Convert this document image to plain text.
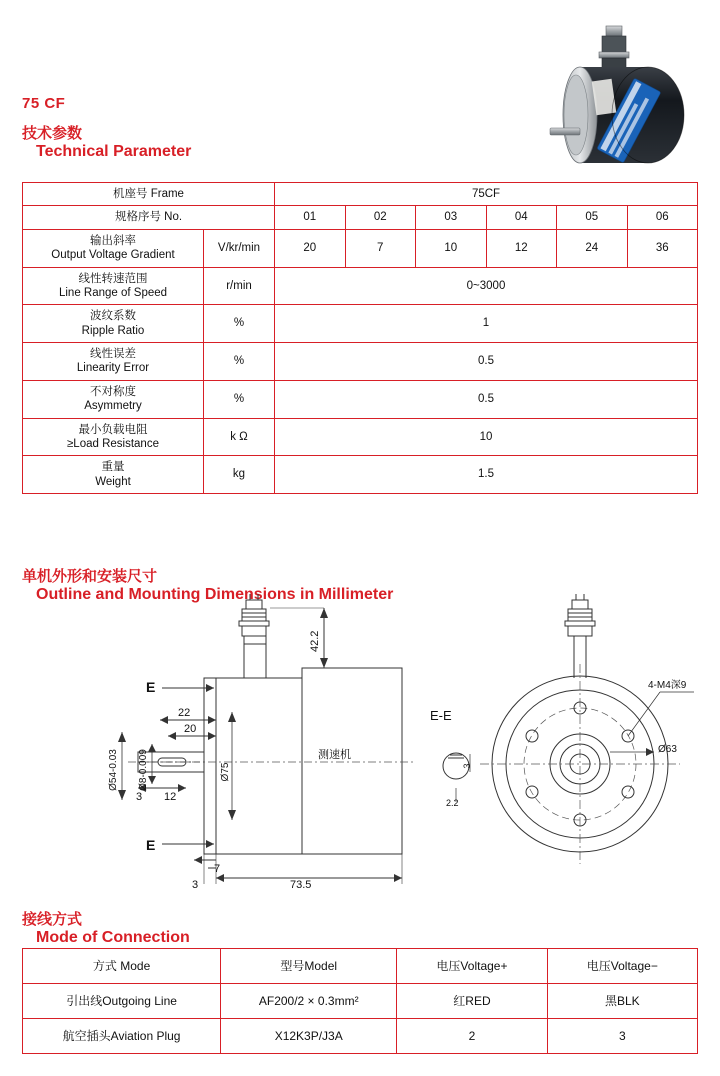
75 CF
技术参数
Technical Parameter
机座号 Frame		75CF					
规格序号 No.		01	02	03	04	05	06

输出斜率
Output Voltage Gradient	V/kr/min	20	7	10	12	24	36

线性转速范围
Line Range of Speed	r/min	0~3000					

波纹系数
Ripple Ratio	%	1					

线性误差
Linearity Error	%	0.5					

不对称度
Asymmetry	%	0.5					

最小负载电阻
≥Load Resistance	k Ω	10					

重量
Weight	kg	1.5					
单机外形和安装尺寸
Outline and Mounting Dimensions in Millimeter
E
E
E-E
42.2
22
20
3 12
7
3	73.5
Ø54-0.03 Ø8-0.009	Ø75
Ø63
4-M4深9
测速机
3
2.2
接线方式
Mode of Connection
方式 Mode	型号Model	电压Voltage+	电压Voltage−
引出线Outgoing Line	AF200/2 × 0.3mm²	红RED	黑BLK
航空插头Aviation Plug	X12K3P/J3A	2	3
